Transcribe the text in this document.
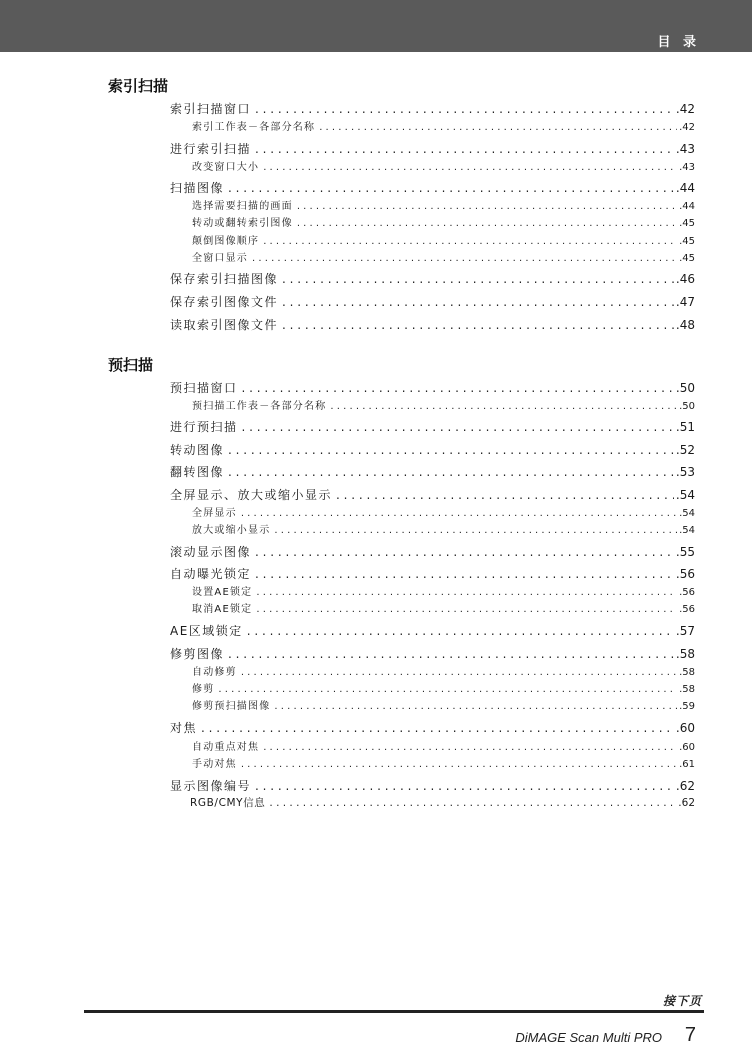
目 录
索引扫描
索引扫描窗口 . . .	.42
索引工作表－各部分名称 . . .	.42
进行索引扫描 . . .	.43
改变窗口大小 . . .	.43
扫描图像 . . .	.44
选择需要扫描的画面 . . .	.44
转动或翻转索引图像 . . .	.45
颠倒图像顺序 . . .	.45
全窗口显示 . . .	.45
保存索引扫描图像 . . .	.46
保存索引图像文件 . . .	.47
读取索引图像文件 . . .	.48
预扫描
预扫描窗口 . . .	.50
预扫描工作表－各部分名称 . . .	.50
进行预扫描 . . .	.51
转动图像 . . .	.52
翻转图像 . . .	.53
全屏显示、放大或缩小显示 . . .	.54
全屏显示 . . .	.54
放大或缩小显示 . . .	.54
滚动显示图像 . . .	.55
自动曝光锁定 . . .	.56
设置AE锁定 . . .	.56
取消AE锁定 . . .	.56
AE区域锁定 . . .	.57
修剪图像 . . .	.58
自动修剪 . . .	.58
修剪 . . .	.58
修剪预扫描图像 . . .	.59
对焦 . . .	.60
自动重点对焦 . . .	.60
手动对焦 . . .	.61
显示图像编号 . . .	.62
RGB/CMY信息 . . .	.62
接下页
DiMAGE Scan Multi PRO 7
